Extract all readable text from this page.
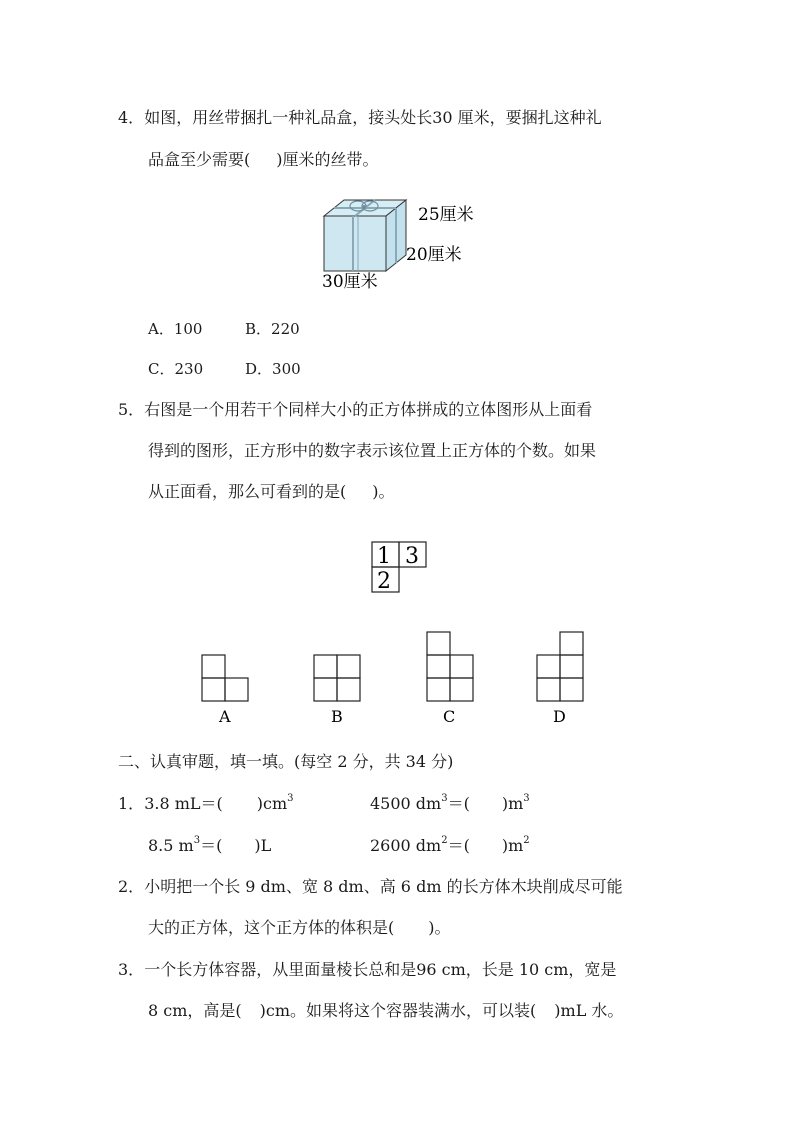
4．如图，用丝带捆扎一种礼品盒，接头处长30 厘米，要捆扎这种礼
品盒至少需要( )厘米的丝带。
25厘米
20厘米
30厘米
1 3
2
A	B	C	D
A．100	B．220
C．230	D．300
5．右图是一个用若干个同样大小的正方体拼成的立体图形从上面看
得到的图形，正方形中的数字表示该位置上正方体的个数。如果
从正面看，那么可看到的是( )。
二、认真审题，填一填。(每空 2 分，共 34 分)
1．3.8 mL＝( )$cm^3$	4500 $dm^3=$( )$m^3$
8.5 $m^3=$( )L	2600 $dm^2=$( )$m^2$
2．小明把一个长 9 dm、宽 8 dm、高 6 dm 的长方体木块削成尽可能
大的正方体，这个正方体的体积是( )。
3．一个长方体容器，从里面量棱长总和是96 cm，长是 10 cm，宽是
8 cm，高是( )cm。如果将这个容器装满水，可以装( )mL 水。
